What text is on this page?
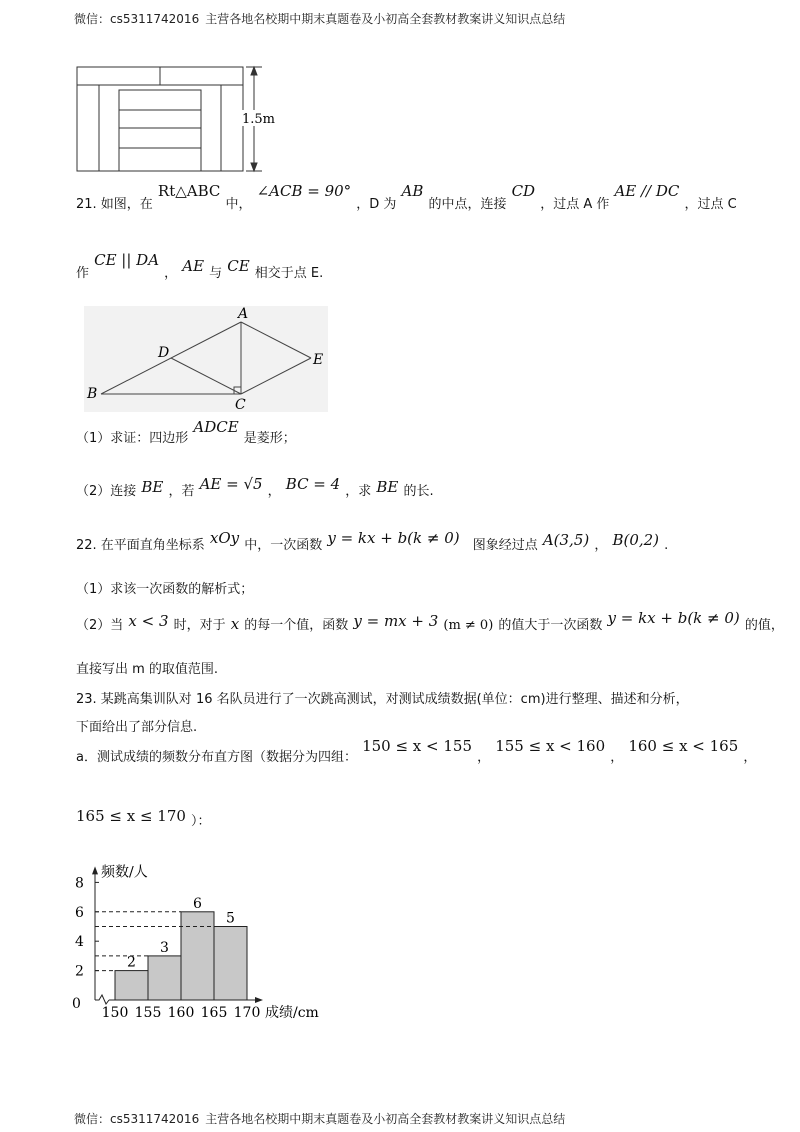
微信：cs5311742016 主营各地名校期中期末真题卷及小初高全套教材教案讲义知识点总结
1.5m
21. 如图，在 Rt△ABC 中， ∠ACB = 90° ，D 为 AB 的中点，连接 CD ，过点 A 作 AE // DC ，过点 C
作 CE || DA ， AE 与 CE 相交于点 E.
A
B
C
D	E
（1）求证：四边形 ADCE 是菱形；
（2）连接 BE ，若 AE = √5 ， BC = 4 ，求 BE 的长.
22. 在平面直角坐标系 xOy 中，一次函数 y = kx + b(k ≠ 0) 图象经过点 A(3,5) ， B(0,2) .
（1）求该一次函数的解析式；
（2）当 x < 3 时，对于 x 的每一个值，函数 y = mx + 3 (m ≠ 0) 的值大于一次函数 y = kx + b(k ≠ 0) 的值，
直接写出 m 的取值范围.
23. 某跳高集训队对 16 名队员进行了一次跳高测试，对测试成绩数据(单位：cm)进行整理、描述和分析，
下面给出了部分信息.
a．测试成绩的频数分布直方图（数据分为四组： 150 ≤ x < 155 ， 155 ≤ x < 160 ， 160 ≤ x < 165 ，
165 ≤ x ≤ 170 ）：
0
2
4
6
8
2
3
6
5
150 155 160 165 170
频数/人
成绩/cm
微信：cs5311742016 主营各地名校期中期末真题卷及小初高全套教材教案讲义知识点总结
